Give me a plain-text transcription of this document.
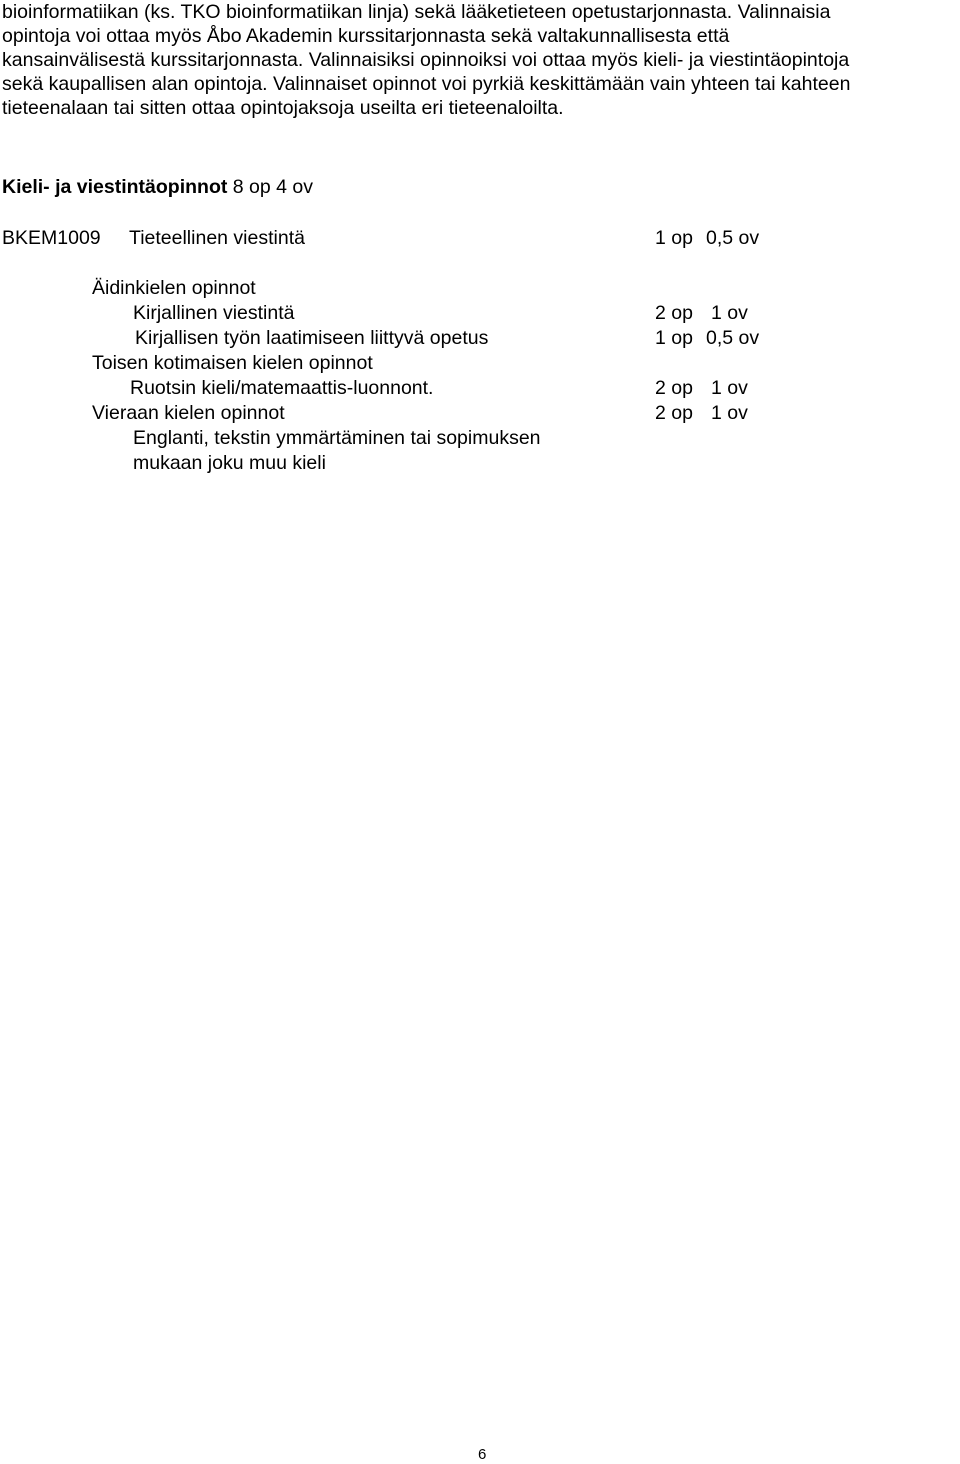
bioinformatiikan (ks. TKO bioinformatiikan linja) sekä lääketieteen opetustarjonnasta. Valinnaisia
opintoja voi ottaa myös Åbo Akademin kurssitarjonnasta sekä valtakunnallisesta että
kansainvälisestä kurssitarjonnasta. Valinnaisiksi opinnoiksi voi ottaa myös kieli- ja viestintäopintoja
sekä kaupallisen alan opintoja. Valinnaiset opinnot voi pyrkiä keskittämään vain yhteen tai kahteen
tieteenalaan tai sitten ottaa opintojaksoja useilta eri tieteenaloilta.
Kieli- ja viestintäopinnot 8 op 4 ov
BKEM1009 Tieteellinen viestintä	1 op 0,5 ov
Äidinkielen opinnot
Kirjallinen viestintä	2 op 1 ov
Kirjallisen työn laatimiseen liittyvä opetus	1 op 0,5 ov
Toisen kotimaisen kielen opinnot
Ruotsin kieli/matemaattis-luonnont.	2 op 1 ov
Vieraan kielen opinnot	2 op 1 ov
Englanti, tekstin ymmärtäminen tai sopimuksen
mukaan joku muu kieli
6
